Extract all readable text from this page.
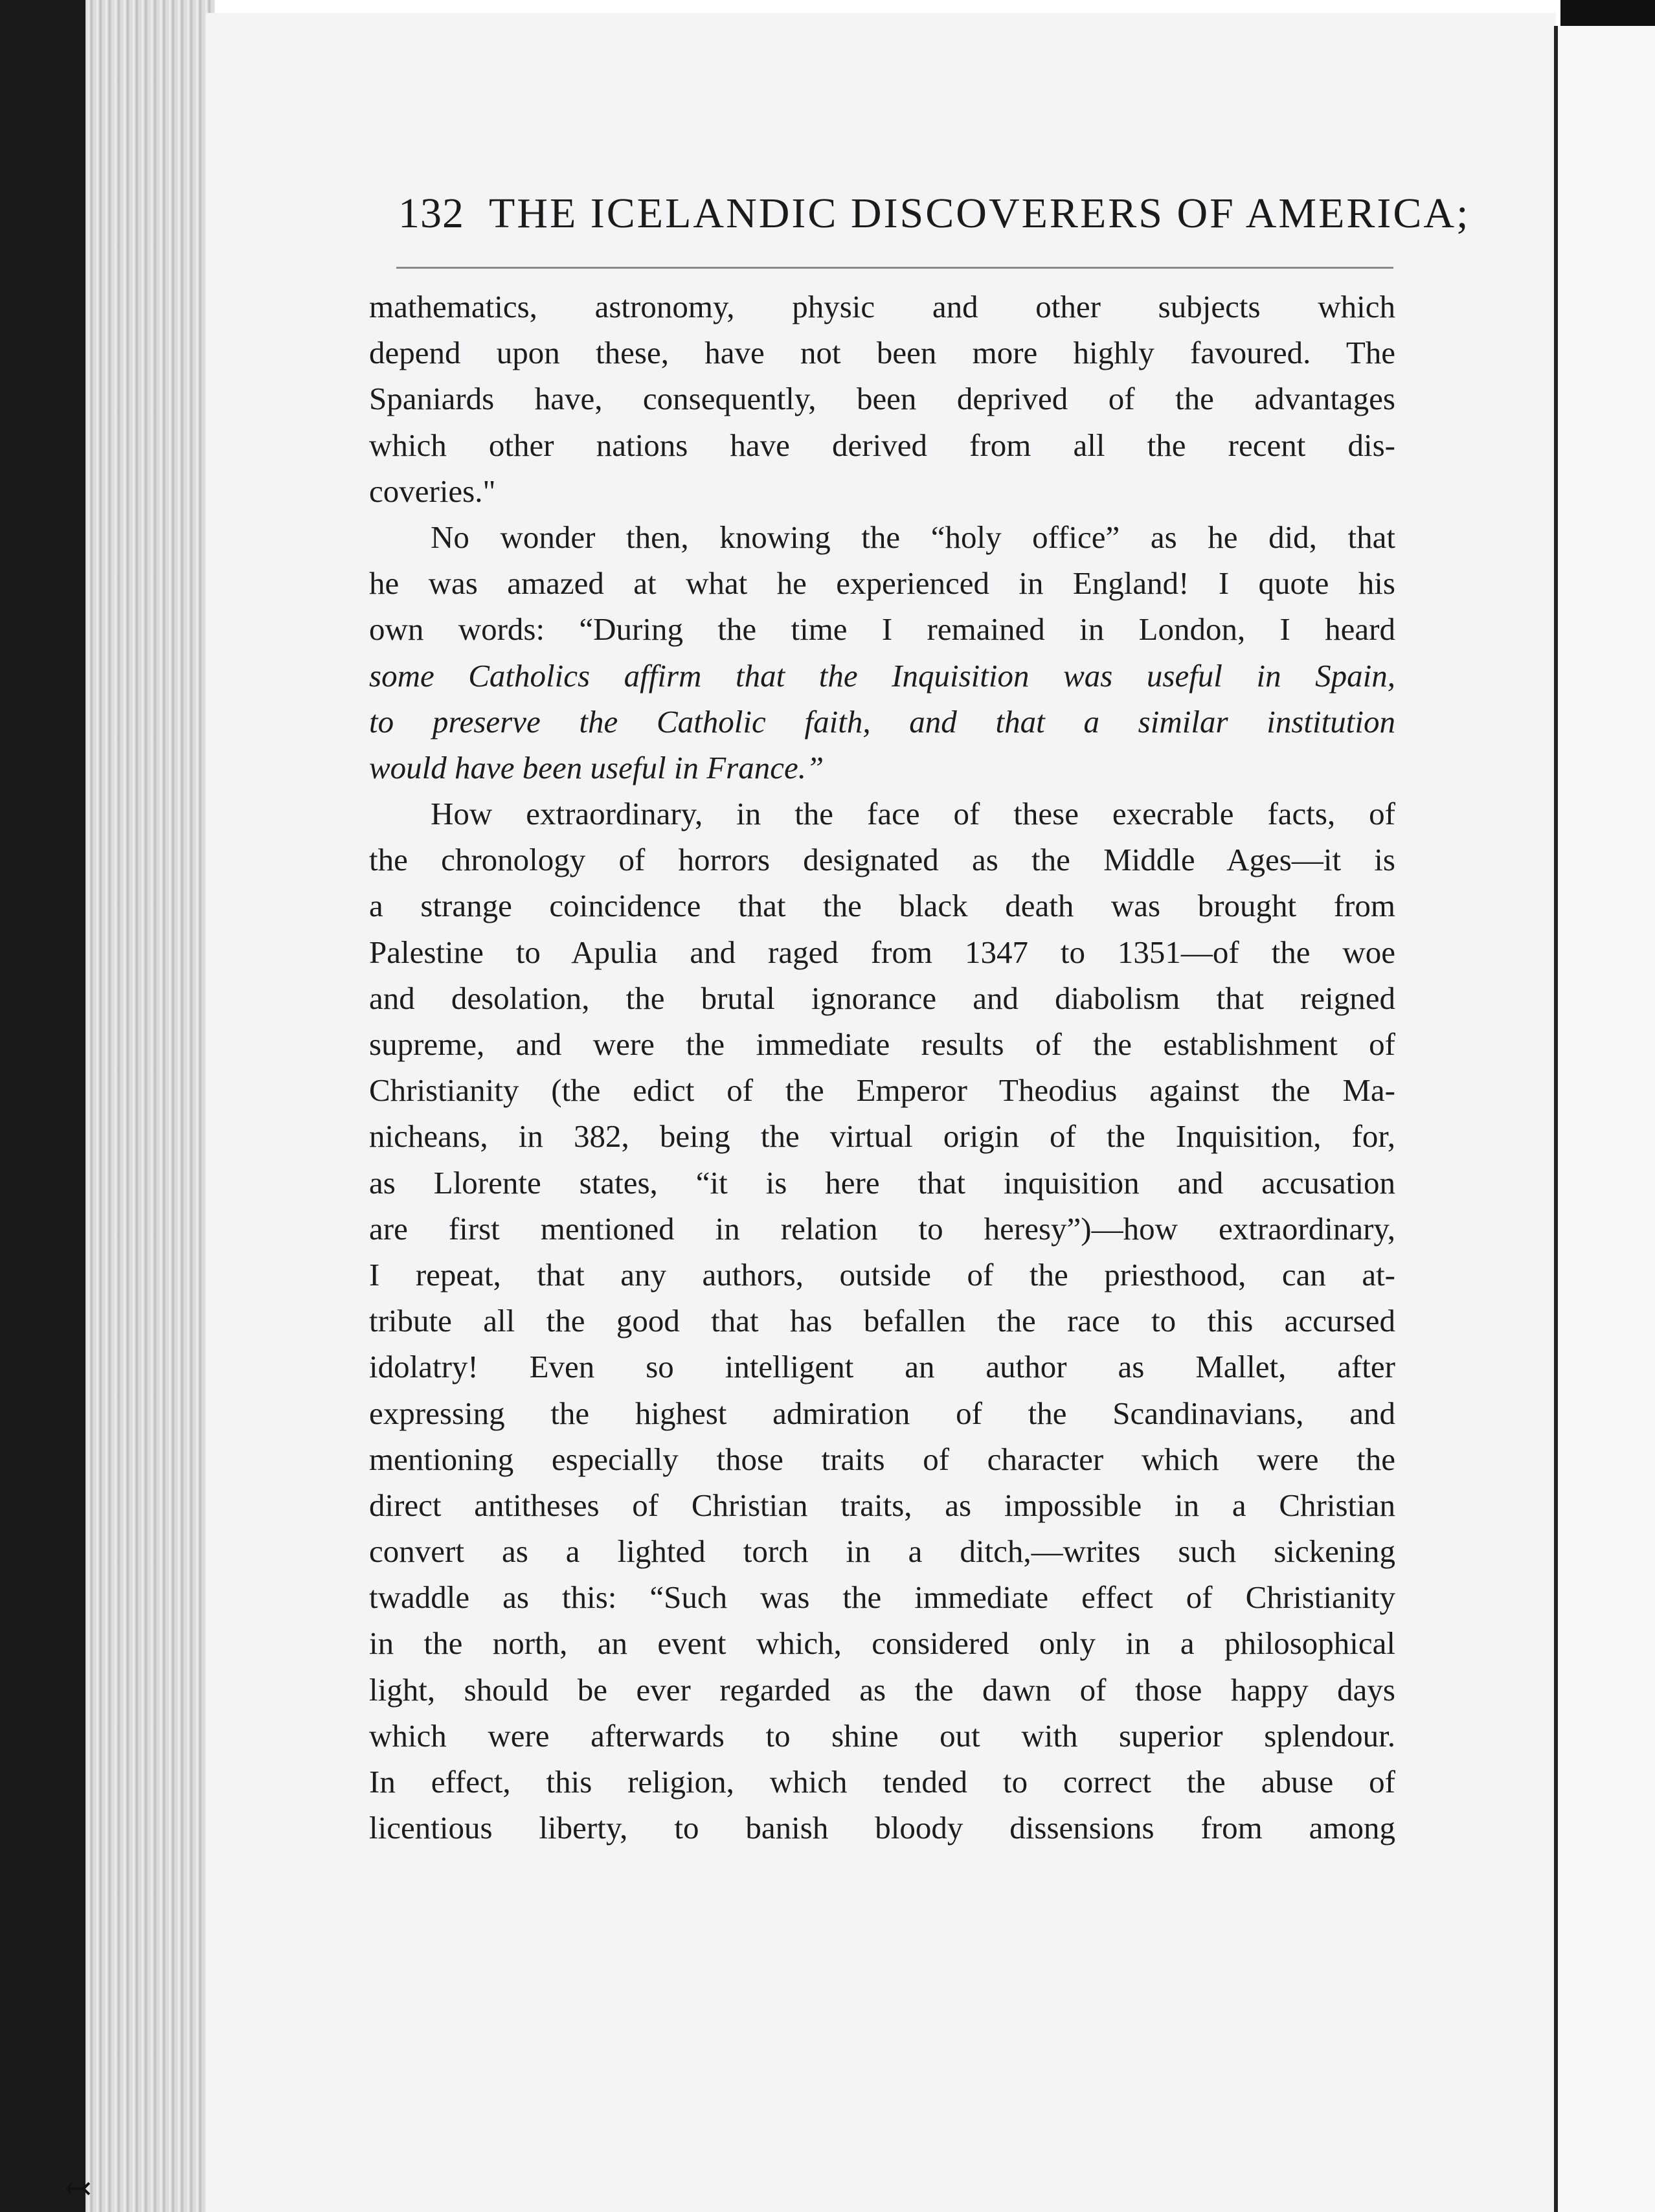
132 THE ICELANDIC DISCOVERERS OF AMERICA;
mathematics, astronomy, physic and other subjects which
depend upon these, have not been more highly favoured. The
Spaniards have, consequently, been deprived of the advantages
which other nations have derived from all the recent dis-
coveries."
No wonder then, knowing the “holy office” as he did, that
he was amazed at what he experienced in England! I quote his
own words: “During the time I remained in London, I heard
some Catholics affirm that the Inquisition was useful in Spain,
to preserve the Catholic faith, and that a similar institution
would have been useful in France.”
How extraordinary, in the face of these execrable facts, of
the chronology of horrors designated as the Middle Ages—it is
a strange coincidence that the black death was brought from
Palestine to Apulia and raged from 1347 to 1351—of the woe
and desolation, the brutal ignorance and diabolism that reigned
supreme, and were the immediate results of the establishment of
Christianity (the edict of the Emperor Theodius against the Ma-
nicheans, in 382, being the virtual origin of the Inquisition, for,
as Llorente states, “it is here that inquisition and accusation
are first mentioned in relation to heresy”)—how extraordinary,
I repeat, that any authors, outside of the priesthood, can at-
tribute all the good that has befallen the race to this accursed
idolatry! Even so intelligent an author as Mallet, after
expressing the highest admiration of the Scandinavians, and
mentioning especially those traits of character which were the
direct antitheses of Christian traits, as impossible in a Christian
convert as a lighted torch in a ditch,—writes such sickening
twaddle as this: “Such was the immediate effect of Christianity
in the north, an event which, considered only in a philosophical
light, should be ever regarded as the dawn of those happy days
which were afterwards to shine out with superior splendour.
In effect, this religion, which tended to correct the abuse of
licentious liberty, to banish bloody dissensions from among
↢
